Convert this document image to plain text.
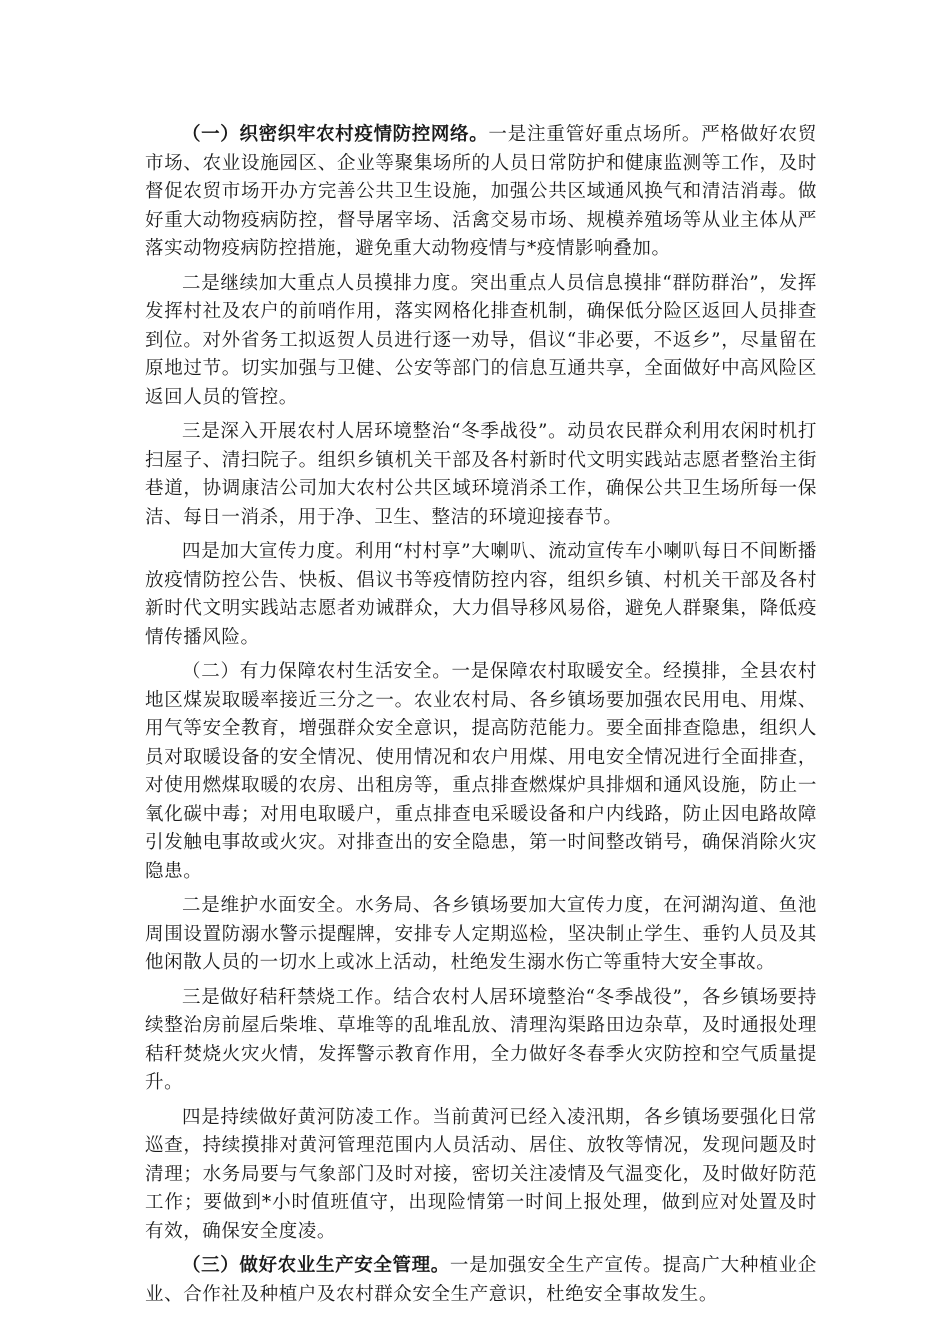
（一）织密织牢农村疫情防控网络。一是注重管好重点场所。严格做好农贸市场、农业设施园区、企业等聚集场所的人员日常防护和健康监测等工作，及时督促农贸市场开办方完善公共卫生设施，加强公共区域通风换气和清洁消毒。做好重大动物疫病防控，督导屠宰场、活禽交易市场、规模养殖场等从业主体从严落实动物疫病防控措施，避免重大动物疫情与*疫情影响叠加。

二是继续加大重点人员摸排力度。突出重点人员信息摸排“群防群治”，发挥发挥村社及农户的前哨作用，落实网格化排查机制，确保低分险区返回人员排查到位。对外省务工拟返贺人员进行逐一劝导，倡议“非必要，不返乡”，尽量留在原地过节。切实加强与卫健、公安等部门的信息互通共享，全面做好中高风险区返回人员的管控。

三是深入开展农村人居环境整治“冬季战役”。动员农民群众利用农闲时机打扫屋子、清扫院子。组织乡镇机关干部及各村新时代文明实践站志愿者整治主街巷道，协调康洁公司加大农村公共区域环境消杀工作，确保公共卫生场所每一保洁、每日一消杀，用于净、卫生、整洁的环境迎接春节。

四是加大宣传力度。利用“村村享”大喇叭、流动宣传车小喇叭每日不间断播放疫情防控公告、快板、倡议书等疫情防控内容，组织乡镇、村机关干部及各村新时代文明实践站志愿者劝诫群众，大力倡导移风易俗，避免人群聚集，降低疫情传播风险。

（二）有力保障农村生活安全。一是保障农村取暖安全。经摸排，全县农村地区煤炭取暖率接近三分之一。农业农村局、各乡镇场要加强农民用电、用煤、用气等安全教育，增强群众安全意识，提高防范能力。要全面排查隐患，组织人员对取暖设备的安全情况、使用情况和农户用煤、用电安全情况进行全面排查，对使用燃煤取暖的农房、出租房等，重点排查燃煤炉具排烟和通风设施，防止一氧化碳中毒；对用电取暖户，重点排查电采暖设备和户内线路，防止因电路故障引发触电事故或火灾。对排查出的安全隐患，第一时间整改销号，确保消除火灾隐患。

二是维护水面安全。水务局、各乡镇场要加大宣传力度，在河湖沟道、鱼池周围设置防溺水警示提醒牌，安排专人定期巡检，坚决制止学生、垂钓人员及其他闲散人员的一切水上或冰上活动，杜绝发生溺水伤亡等重特大安全事故。

三是做好秸秆禁烧工作。结合农村人居环境整治“冬季战役”，各乡镇场要持续整治房前屋后柴堆、草堆等的乱堆乱放、清理沟渠路田边杂草，及时通报处理秸秆焚烧火灾火情，发挥警示教育作用，全力做好冬春季火灾防控和空气质量提升。

四是持续做好黄河防凌工作。当前黄河已经入凌汛期，各乡镇场要强化日常巡查，持续摸排对黄河管理范围内人员活动、居住、放牧等情况，发现问题及时清理；水务局要与气象部门及时对接，密切关注凌情及气温变化，及时做好防范工作；要做到*小时值班值守，出现险情第一时间上报处理，做到应对处置及时有效，确保安全度凌。

（三）做好农业生产安全管理。一是加强安全生产宣传。提高广大种植业企业、合作社及种植户及农村群众安全生产意识，杜绝安全事故发生。
